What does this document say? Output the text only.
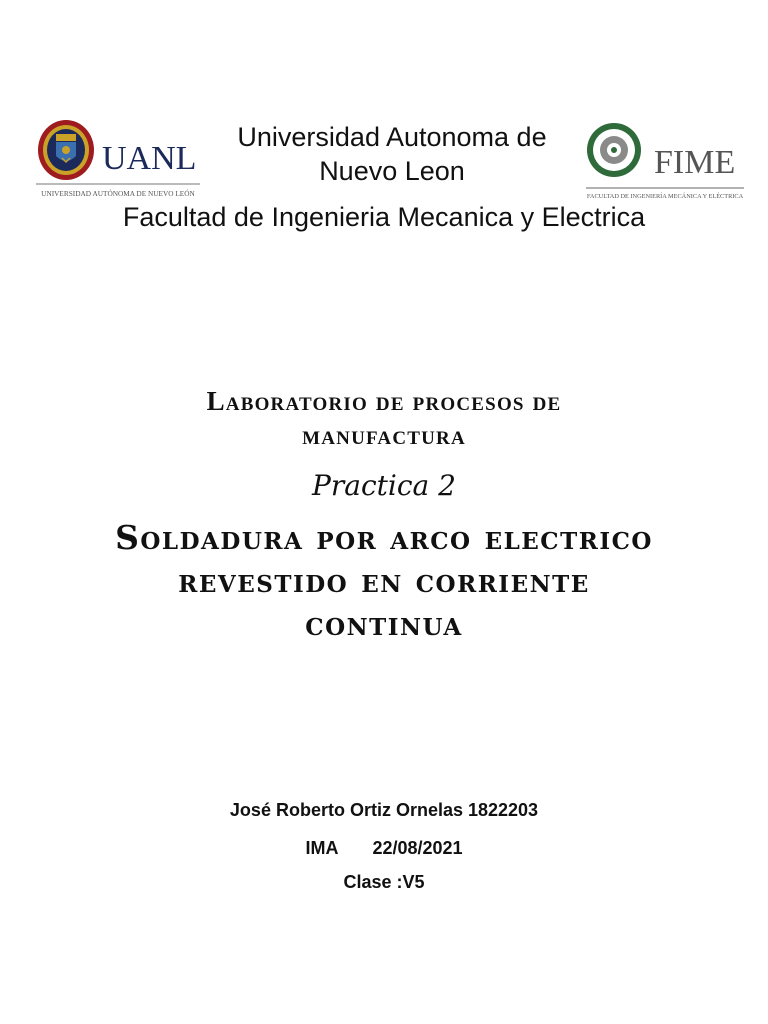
UANL
UNIVERSIDAD AUTÓNOMA DE NUEVO LEÓN
Universidad Autonoma de
Nuevo Leon	FIME
FACULTAD DE INGENIERÍA MECÁNICA Y ELÉCTRICA
Facultad de Ingenieria Mecanica y Electrica
Laboratorio de procesos de manufactura
Practica 2
Soldadura por arco electrico revestido en corriente continua
José Roberto Ortiz Ornelas 1822203
IMA 22/08/2021
Clase :V5
